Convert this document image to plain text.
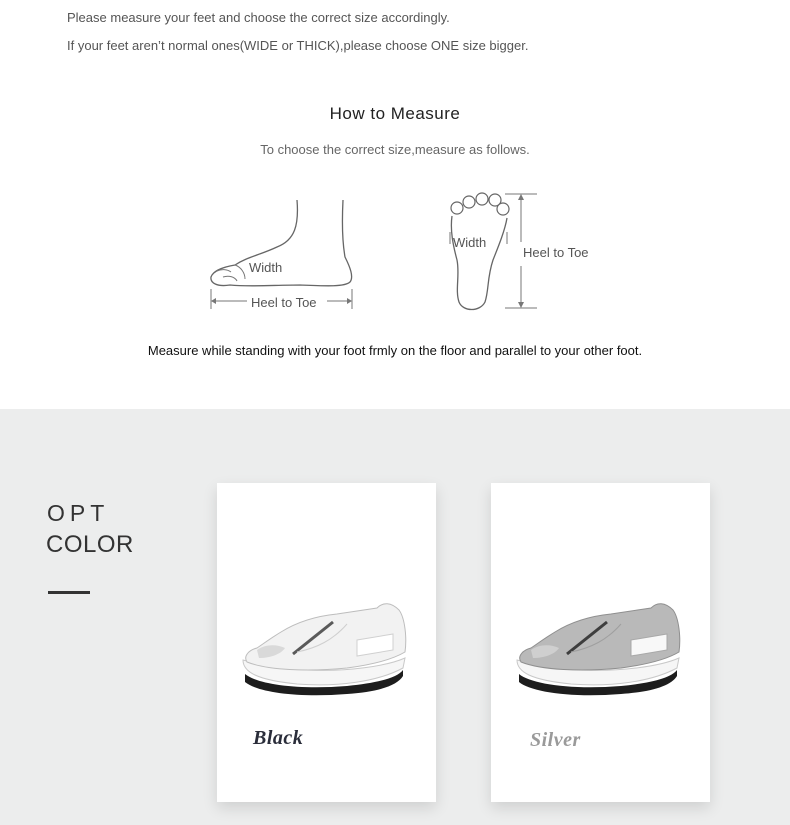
Please measure your feet and choose the correct size accordingly.
If your feet aren’t normal ones(WIDE or THICK),please choose ONE size bigger.
How to Measure
To choose the correct size,measure as follows.
Width
Heel to Toe
Width
Heel to Toe
Measure while standing with your foot frmly on the floor and parallel to your other foot.
OPT
COLOR
Black	Silver
